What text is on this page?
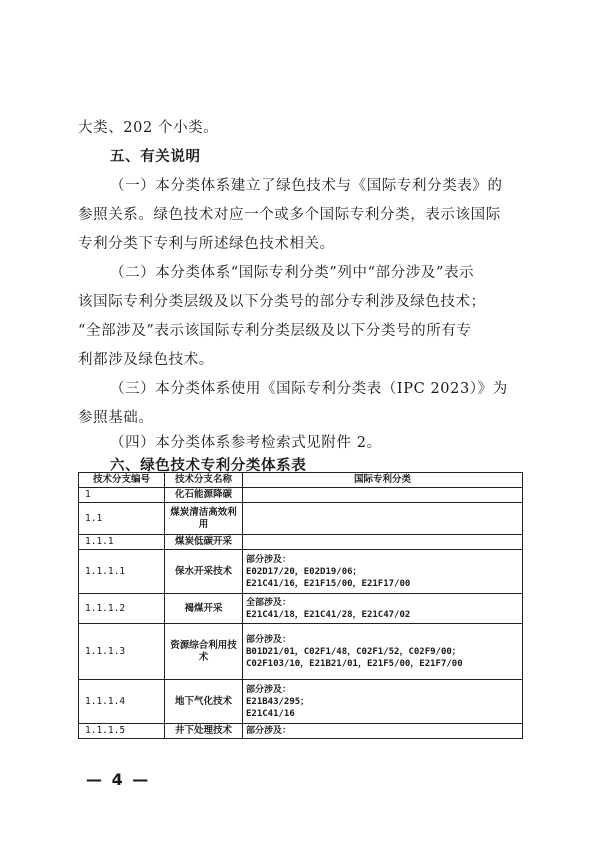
大类、202 个小类。
五、有关说明
（一）本分类体系建立了绿色技术与《国际专利分类表》的
参照关系。绿色技术对应一个或多个国际专利分类，表示该国际
专利分类下专利与所述绿色技术相关。
（二）本分类体系“国际专利分类”列中“部分涉及”表示
该国际专利分类层级及以下分类号的部分专利涉及绿色技术；
“全部涉及”表示该国际专利分类层级及以下分类号的所有专
利都涉及绿色技术。
（三）本分类体系使用《国际专利分类表（IPC 2023）》为
参照基础。
（四）本分类体系参考检索式见附件 2。
六、绿色技术专利分类体系表
技术分支编号	技术分支名称	国际专利分类
1	化石能源降碳	
1.1	煤炭清洁高效利用	
1.1.1	煤炭低碳开采	
1.1.1.1	保水开采技术	部分涉及：
E02D17/20，E02D19/06；
E21C41/16，E21F15/00，E21F17/00

1.1.1.2	褐煤开采	全部涉及：
E21C41/18，E21C41/28，E21C47/02

1.1.1.3	资源综合利用技术	部分涉及：
B01D21/01，C02F1/48，C02F1/52，C02F9/00；
C02F103/10，E21B21/01，E21F5/00，E21F7/00

1.1.1.4	地下气化技术	部分涉及：
E21B43/295；
E21C41/16

1.1.1.5	井下处理技术	部分涉及：
— 4 —
